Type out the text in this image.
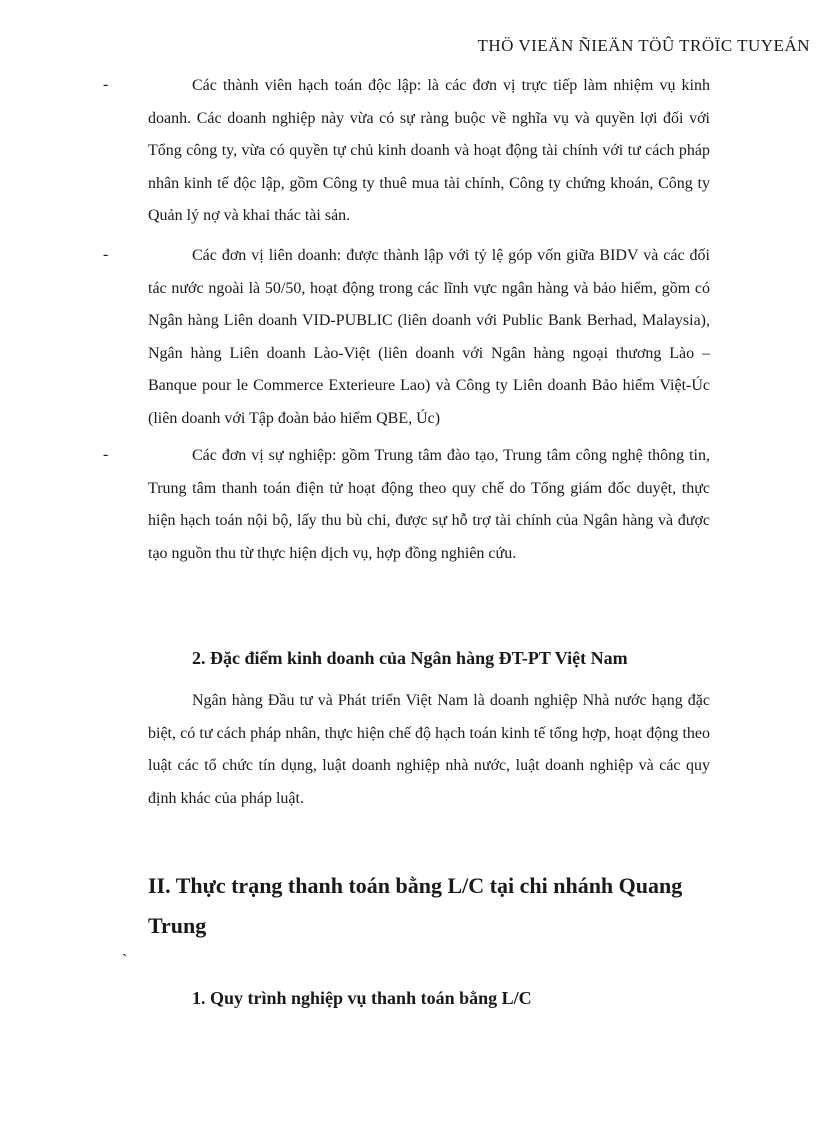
THÖ VIEÄN ÑIEÄN TÖÛ TRÖÏC TUYEÁN
-	Các thành viên hạch toán độc lập: là các đơn vị trực tiếp làm nhiệm vụ kinh doanh. Các doanh nghiệp này vừa có sự ràng buộc về nghĩa vụ và quyền lợi đối với Tổng công ty, vừa có quyền tự chủ kinh doanh và hoạt động tài chính với tư cách pháp nhân kinh tế độc lập, gồm Công ty thuê mua tài chính, Công ty chứng khoán, Công ty Quản lý nợ và khai thác tài sản.

-	Các đơn vị liên doanh: được thành lập với tỷ lệ góp vốn giữa BIDV và các đối tác nước ngoài là 50/50, hoạt động trong các lĩnh vực ngân hàng và bảo hiểm, gồm có Ngân hàng Liên doanh VID-PUBLIC (liên doanh với Public Bank Berhad, Malaysia), Ngân hàng Liên doanh Lào-Việt (liên doanh với Ngân hàng ngoại thương Lào – Banque pour le Commerce Exterieure Lao) và Công ty Liên doanh Bảo hiểm Việt-Úc (liên doanh với Tập đoàn bảo hiểm QBE, Úc)

-	Các đơn vị sự nghiệp: gồm Trung tâm đào tạo, Trung tâm công nghệ thông tin, Trung tâm thanh toán điện tử hoạt động theo quy chế do Tổng giám đốc duyệt, thực hiện hạch toán nội bộ, lấy thu bù chi, được sự hỗ trợ tài chính của Ngân hàng và được tạo nguồn thu từ thực hiện dịch vụ, hợp đồng nghiên cứu.

2. Đặc điểm kinh doanh của Ngân hàng ĐT-PT Việt Nam

Ngân hàng Đầu tư và Phát triển Việt Nam là doanh nghiệp Nhà nước hạng đặc biệt, có tư cách pháp nhân, thực hiện chế độ hạch toán kinh tế tổng hợp, hoạt động theo luật các tổ chức tín dụng, luật doanh nghiệp nhà nước, luật doanh nghiệp và các quy định khác của pháp luật.

II. Thực trạng thanh toán bằng L/C tại chi nhánh Quang Trung
`
1. Quy trình nghiệp vụ thanh toán bằng L/C
